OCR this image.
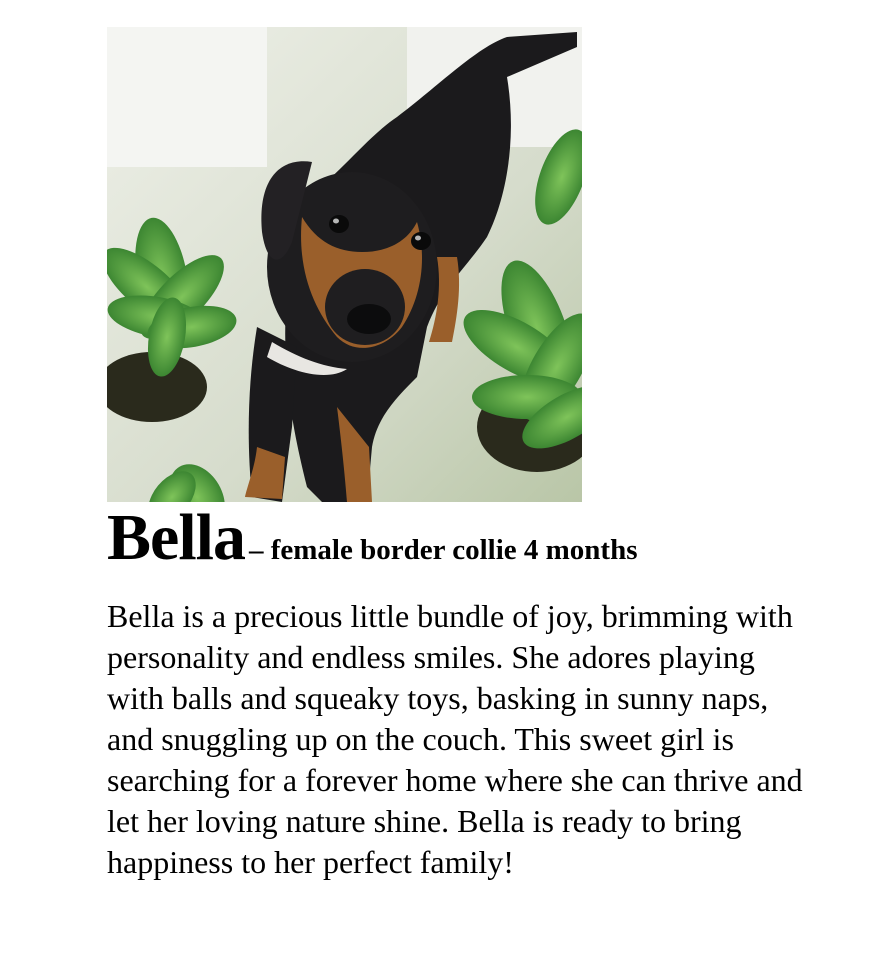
Bella – female border collie 4 months

Bella is a precious little bundle of joy, brimming with personality and endless smiles. She adores playing with balls and squeaky toys, basking in sunny naps, and snuggling up on the couch. This sweet girl is searching for a forever home where she can thrive and let her loving nature shine. Bella is ready to bring happiness to her perfect family!
